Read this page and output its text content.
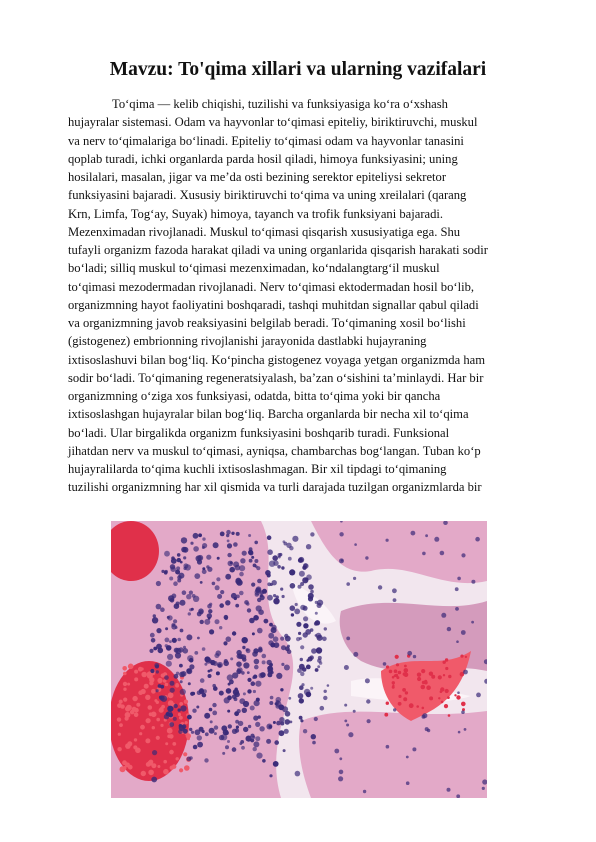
Mavzu: To'qima xillari va ularning vazifalari
To‘qima — kelib chiqishi, tuzilishi va funksiyasiga ko‘ra o‘xshash
hujayralar sistemasi. Odam va hayvonlar to‘qimasi epiteliy, biriktiruvchi, muskul
va nerv to‘qimalariga bo‘linadi. Epiteliy to‘qimasi odam va hayvonlar tanasini
qoplab turadi, ichki organlarda parda hosil qiladi, himoya funksiyasini; uning
hosilalari, masalan, jigar va me’da osti bezining serektor epiteliysi sekretor
funksiyasini bajaradi. Xususiy biriktiruvchi to‘qima va uning xreilalari (qarang
Krn, Limfa, Tog‘ay, Suyak) himoya, tayanch va trofik funksiyani bajaradi.
Mezenximadan rivojlanadi. Muskul to‘qimasi qisqarish xususiyatiga ega. Shu
tufayli organizm fazoda harakat qiladi va uning organlarida qisqarish harakati sodir
bo‘ladi; silliq muskul to‘qimasi mezenximadan, ko‘ndalangtarg‘il muskul
to‘qimasi mezodermadan rivojlanadi. Nerv to‘qimasi ektodermadan hosil bo‘lib,
organizmning hayot faoliyatini boshqaradi, tashqi muhitdan signallar qabul qiladi
va organizmning javob reaksiyasini belgilab beradi. To‘qimaning xosil bo‘lishi
(gistogenez) embrionning rivojlanishi jarayonida dastlabki hujayraning
ixtisoslashuvi bilan bog‘liq. Ko‘pincha gistogenez voyaga yetgan organizmda ham
sodir bo‘ladi. To‘qimaning regeneratsiyalash, ba’zan o‘sishini ta’minlaydi. Har bir
organizmning o‘ziga xos funksiyasi, odatda, bitta to‘qima yoki bir qancha
ixtisoslashgan hujayralar bilan bog‘liq. Barcha organlarda bir necha xil to‘qima
bo‘ladi. Ular birgalikda organizm funksiyasini boshqarib turadi. Funksional
jihatdan nerv va muskul to‘qimasi, ayniqsa, chambarchas bog‘langan. Tuban ko‘p
hujayralilarda to‘qima kuchli ixtisoslashmagan. Bir xil tipdagi to‘qimaning
tuzilishi organizmning har xil qismida va turli darajada tuzilgan organizmlarda bir
